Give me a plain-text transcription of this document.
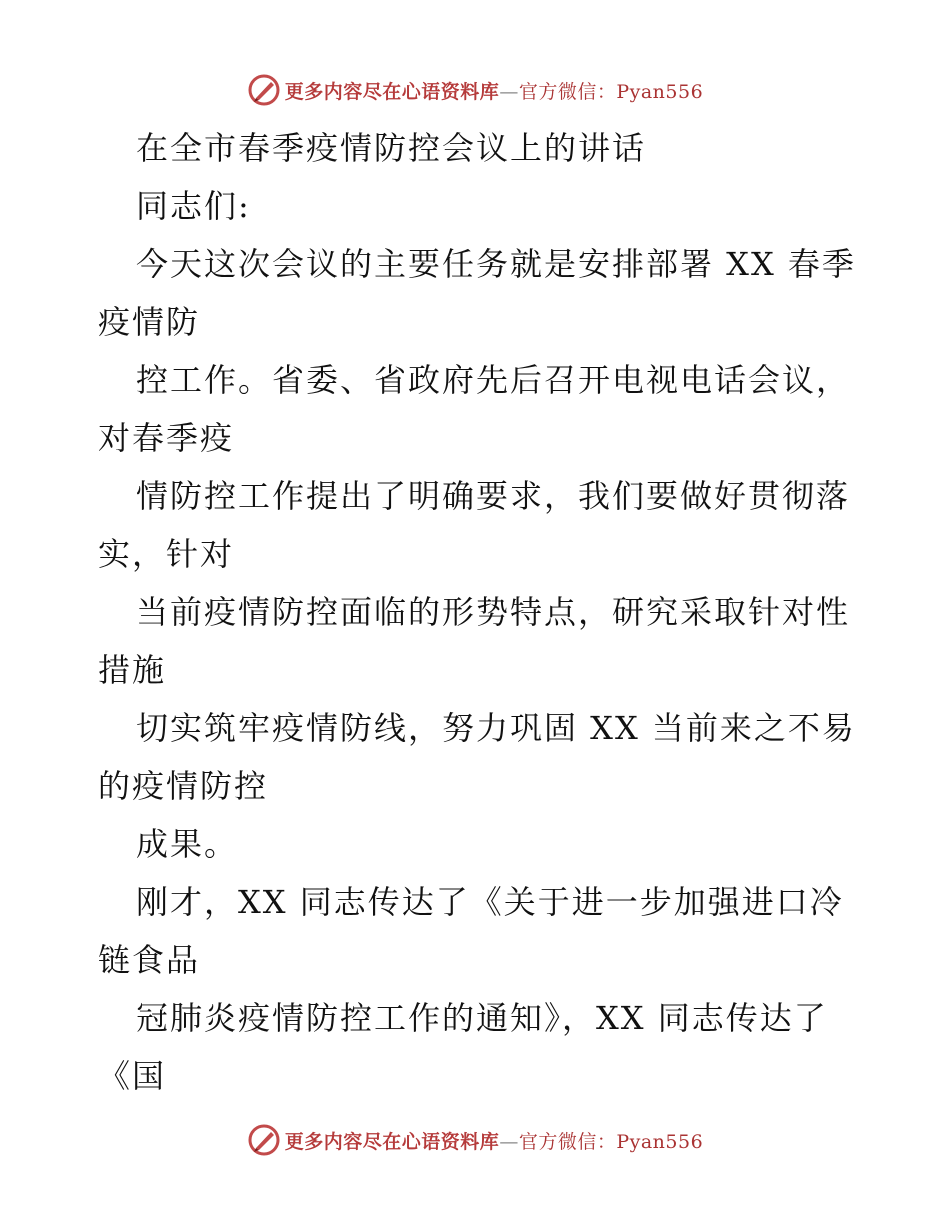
更多内容尽在心语资料库—官方微信：Pyan556
在全市春季疫情防控会议上的讲话
同志们:
今天这次会议的主要任务就是安排部署 XX 春季
疫情防
控工作。省委、省政府先后召开电视电话会议，
对春季疫
情防控工作提出了明确要求，我们要做好贯彻落
实，针对
当前疫情防控面临的形势特点，研究采取针对性
措施
切实筑牢疫情防线，努力巩固 XX 当前来之不易
的疫情防控
成果。
刚才，XX 同志传达了《关于进一步加强进口冷
链食品
冠肺炎疫情防控工作的通知》，XX 同志传达了
《国
更多内容尽在心语资料库—官方微信：Pyan556
